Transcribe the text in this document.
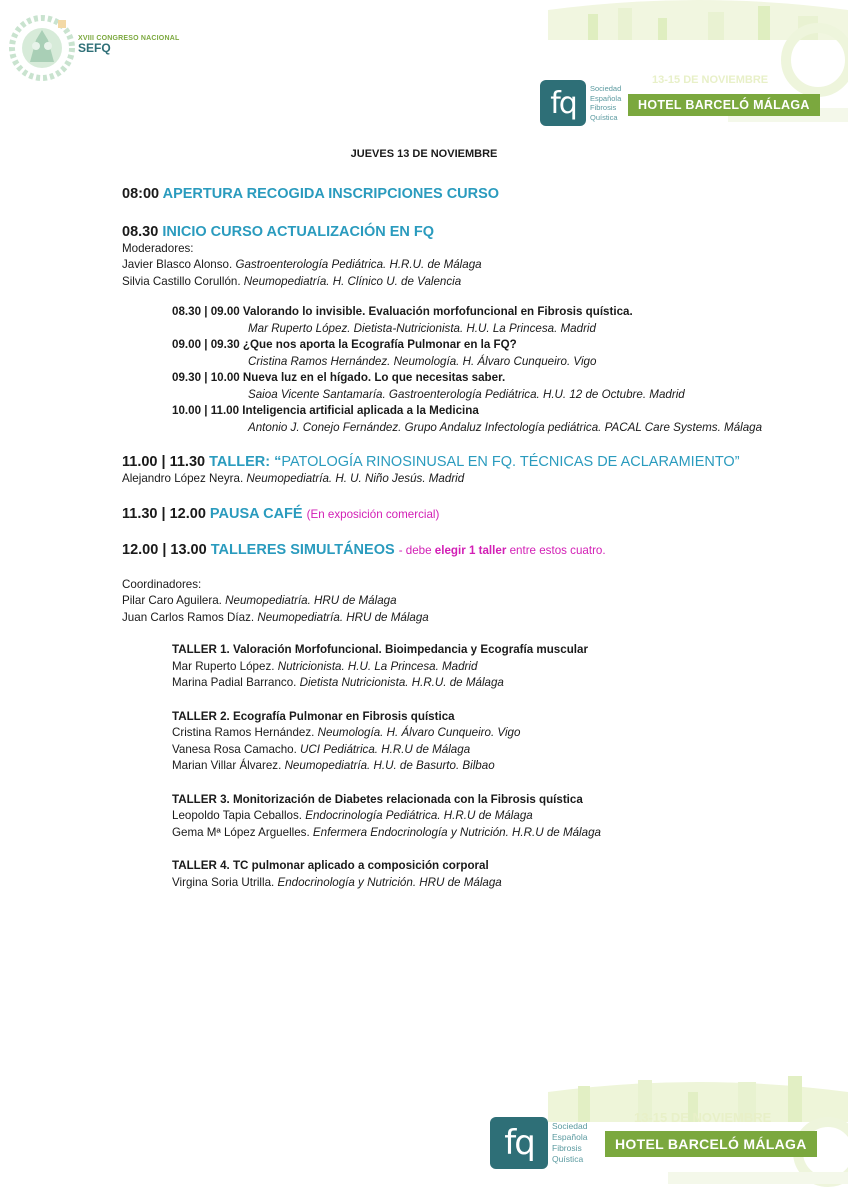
XVIII CONGRESO NACIONAL
SEFQ
fq	Sociedad
Española
Fibrosis
Quística
13-15 DE NOVIEMBRE
HOTEL BARCELÓ MÁLAGA
fq	Sociedad
Española
Fibrosis
Quística
13-15 DE NOVIEMBRE
HOTEL BARCELÓ MÁLAGA
JUEVES 13 DE NOVIEMBRE
08:00 APERTURA RECOGIDA INSCRIPCIONES CURSO
08.30 INICIO CURSO ACTUALIZACIÓN EN FQ
Moderadores:
Javier Blasco Alonso. Gastroenterología Pediátrica. H.R.U. de Málaga
Silvia Castillo Corullón. Neumopediatría. H. Clínico U. de Valencia
08.30 | 09.00 Valorando lo invisible. Evaluación morfofuncional en Fibrosis quística.
Mar Ruperto López. Dietista-Nutricionista. H.U. La Princesa. Madrid
09.00 | 09.30 ¿Que nos aporta la Ecografía Pulmonar en la FQ?
Cristina Ramos Hernández. Neumología. H. Álvaro Cunqueiro. Vigo
09.30 | 10.00 Nueva luz en el hígado. Lo que necesitas saber.
Saioa Vicente Santamaría. Gastroenterología Pediátrica. H.U. 12 de Octubre. Madrid
10.00 | 11.00 Inteligencia artificial aplicada a la Medicina
Antonio J. Conejo Fernández. Grupo Andaluz Infectología pediátrica. PACAL Care Systems. Málaga
11.00 | 11.30 TALLER: “PATOLOGÍA RINOSINUSAL EN FQ. TÉCNICAS DE ACLARAMIENTO”
Alejandro López Neyra. Neumopediatría. H. U. Niño Jesús. Madrid
11.30 | 12.00 PAUSA CAFÉ (En exposición comercial)
12.00 | 13.00 TALLERES SIMULTÁNEOS - debe elegir 1 taller entre estos cuatro.
Coordinadores:
Pilar Caro Aguilera. Neumopediatría. HRU de Málaga
Juan Carlos Ramos Díaz. Neumopediatría. HRU de Málaga
TALLER 1. Valoración Morfofuncional. Bioimpedancia y Ecografía muscular
Mar Ruperto López. Nutricionista. H.U. La Princesa. Madrid
Marina Padial Barranco. Dietista Nutricionista. H.R.U. de Málaga
TALLER 2. Ecografía Pulmonar en Fibrosis quística
Cristina Ramos Hernández. Neumología. H. Álvaro Cunqueiro. Vigo
Vanesa Rosa Camacho. UCI Pediátrica. H.R.U de Málaga
Marian Villar Álvarez. Neumopediatría. H.U. de Basurto. Bilbao
TALLER 3. Monitorización de Diabetes relacionada con la Fibrosis quística
Leopoldo Tapia Ceballos. Endocrinología Pediátrica. H.R.U de Málaga
Gema Mª López Arguelles. Enfermera Endocrinología y Nutrición. H.R.U de Málaga
TALLER 4. TC pulmonar aplicado a composición corporal
Virgina Soria Utrilla. Endocrinología y Nutrición. HRU de Málaga
